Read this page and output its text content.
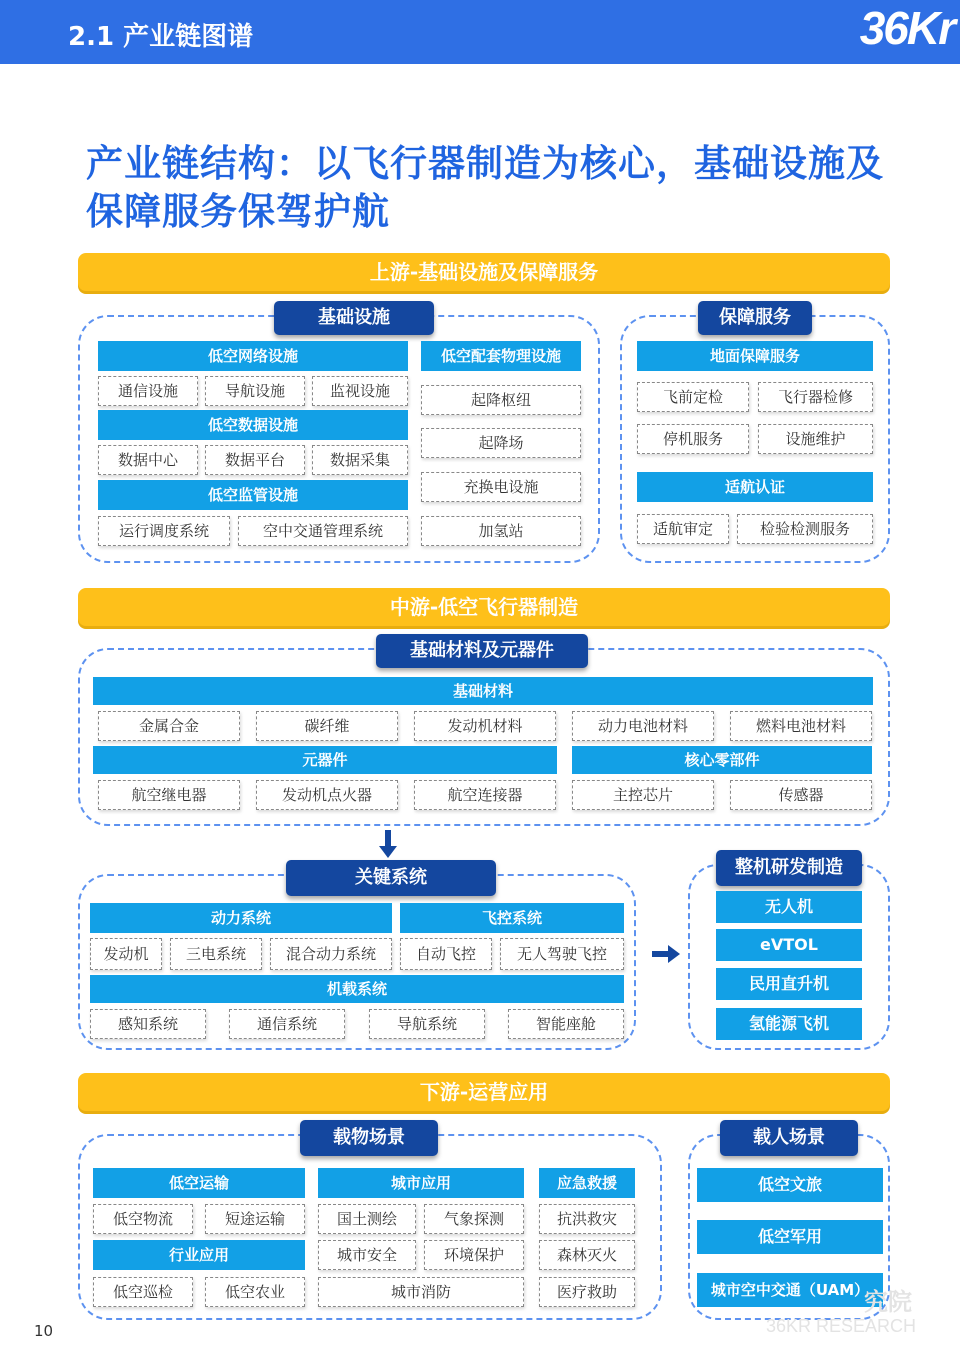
2.1 产业链图谱	36Kr
产业链结构：以飞行器制造为核心，基础设施及保障服务保驾护航
上游-基础设施及保障服务
基础设施
低空网络设施
通信设施	导航设施	监视设施
低空数据设施
数据中心	数据平台	数据采集
低空监管设施
运行调度系统	空中交通管理系统
低空配套物理设施
起降枢纽
起降场
充换电设施
加氢站
保障服务
地面保障服务
飞前定检	飞行器检修
停机服务	设施维护
适航认证
适航审定	检验检测服务
中游-低空飞行器制造
基础材料及元器件
基础材料
金属合金	碳纤维	发动机材料	动力电池材料	燃料电池材料
元器件
航空继电器	发动机点火器	航空连接器
核心零部件
主控芯片	传感器
关键系统
动力系统
发动机	三电系统	混合动力系统
飞控系统
自动飞控	无人驾驶飞控
机载系统
感知系统	通信系统	导航系统	智能座舱
整机研发制造
无人机
eVTOL
民用直升机
氢能源飞机
下游-运营应用
载物场景
低空运输
低空物流	短途运输
行业应用
低空巡检	低空农业
城市应用
国土测绘	气象探测
城市安全	环境保护
城市消防
应急救援
抗洪救灾
森林灭火
医疗救助
载人场景
低空文旅
低空军用
城市空中交通（UAM）
10
究院
36KR RESEARCH
